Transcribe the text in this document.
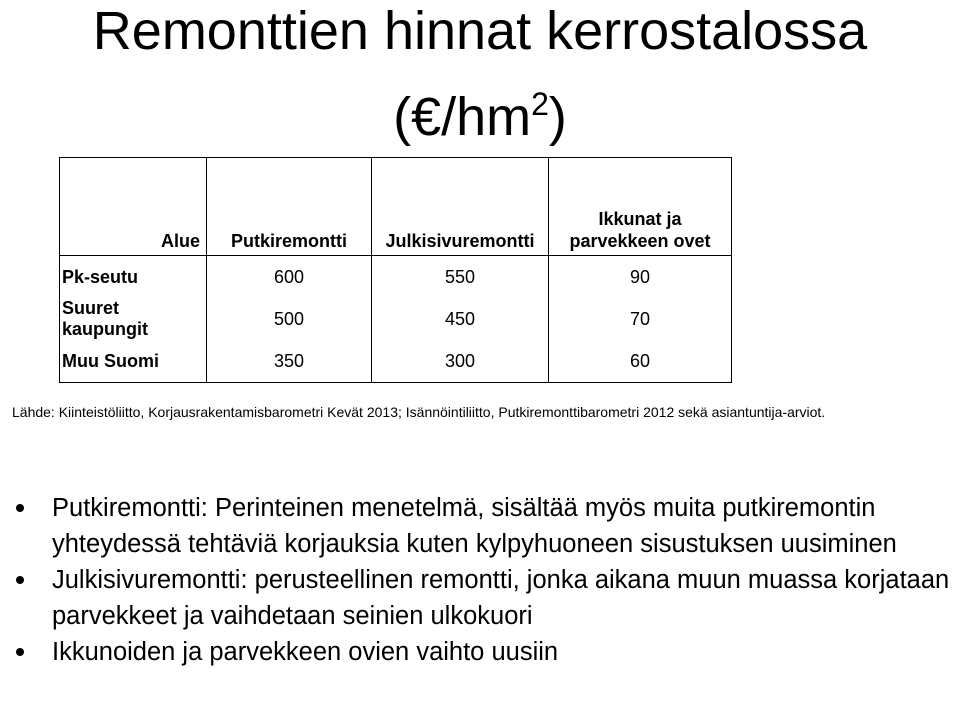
Remonttien hinnat kerrostalossa
$(€/hm^2)$
Alue	Putkiremontti	Julkisivuremontti	Ikkunat ja
parvekkeen ovet
Pk-seutu	600	550	90
Suuret kaupungit	500	450	70
Muu Suomi	350	300	60
Lähde: Kiinteistöliitto, Korjausrakentamisbarometri Kevät 2013; Isännöintiliitto, Putkiremonttibarometri 2012 sekä asiantuntija-arviot.
Putkiremontti: Perinteinen menetelmä, sisältää myös muita putkiremontin yhteydessä tehtäviä korjauksia kuten kylpyhuoneen sisustuksen uusiminen
Julkisivuremontti: perusteellinen remontti, jonka aikana muun muassa korjataan parvekkeet ja vaihdetaan seinien ulkokuori
Ikkunoiden ja parvekkeen ovien vaihto uusiin
